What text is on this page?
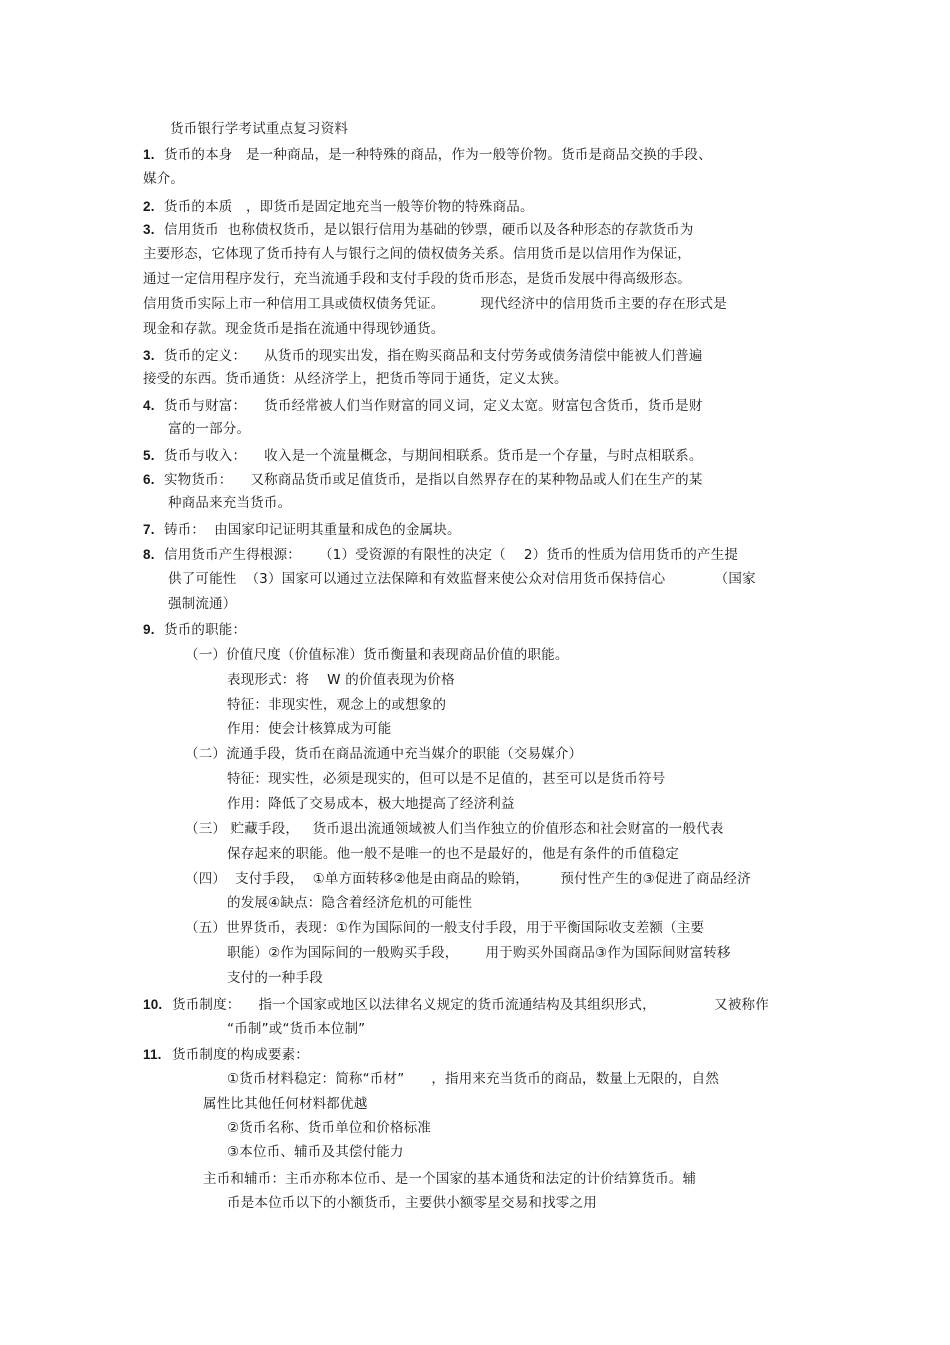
货币银行学考试重点复习资料
1. 货币的本身   是一种商品，是一种特殊的商品，作为一般等价物。货币是商品交换的手段、
媒介。
2. 货币的本质   ，即货币是固定地充当一般等价物的特殊商品。
3. 信用货币  也称债权货币，是以银行信用为基础的钞票，硬币以及各种形态的存款货币为
主要形态，它体现了货币持有人与银行之间的债权债务关系。信用货币是以信用作为保证，
通过一定信用程序发行，充当流通手段和支付手段的货币形态，是货币发展中得高级形态。
信用货币实际上市一种信用工具或债权债务凭证。        现代经济中的信用货币主要的存在形式是
现金和存款。现金货币是指在流通中得现钞通货。
3. 货币的定义：    从货币的现实出发，指在购买商品和支付劳务或债务清偿中能被人们普遍
接受的东西。货币通货：从经济学上，把货币等同于通货，定义太狭。
4. 货币与财富：    货币经常被人们当作财富的同义词，定义太宽。财富包含货币，货币是财
富的一部分。
5. 货币与收入：    收入是一个流量概念，与期间相联系。货币是一个存量，与时点相联系。
6. 实物货币：    又称商品货币或足值货币，是指以自然界存在的某种物品或人们在生产的某
种商品来充当货币。
7. 铸币：  由国家印记证明其重量和成色的金属块。
8. 信用货币产生得根源：    （1）受资源的有限性的决定（    2）货币的性质为信用货币的产生提
供了可能性  （3）国家可以通过立法保障和有效监督来使公众对信用货币保持信心           （国家
强制流通）
9. 货币的职能：
（一）价值尺度（价值标准）货币衡量和表现商品价值的职能。
表现形式：将    W 的价值表现为价格
特征：非现实性，观念上的或想象的
作用：使会计核算成为可能
（二）流通手段，货币在商品流通中充当媒介的职能（交易媒介）
特征：现实性，必须是现实的，但可以是不足值的，甚至可以是货币符号
作用：降低了交易成本，极大地提高了经济利益
（三） 贮藏手段，   货币退出流通领域被人们当作独立的价值形态和社会财富的一般代表
保存起来的职能。他一般不是唯一的也不是最好的，他是有条件的币值稳定
（四）  支付手段，  ①单方面转移②他是由商品的赊销，       预付性产生的③促进了商品经济
的发展④缺点：隐含着经济危机的可能性
（五）世界货币，表现：①作为国际间的一般支付手段，用于平衡国际收支差额（主要
职能）②作为国际间的一般购买手段，      用于购买外国商品③作为国际间财富转移
支付的一种手段
10. 货币制度：    指一个国家或地区以法律名义规定的货币流通结构及其组织形式，             又被称作
“币制”或“货币本位制”
11. 货币制度的构成要素：
①货币材料稳定：简称“币材”      ，指用来充当货币的商品，数量上无限的，自然
属性比其他任何材料都优越
②货币名称、货币单位和价格标准
③本位币、辅币及其偿付能力
主币和辅币：主币亦称本位币、是一个国家的基本通货和法定的计价结算货币。辅
币是本位币以下的小额货币，主要供小额零星交易和找零之用
